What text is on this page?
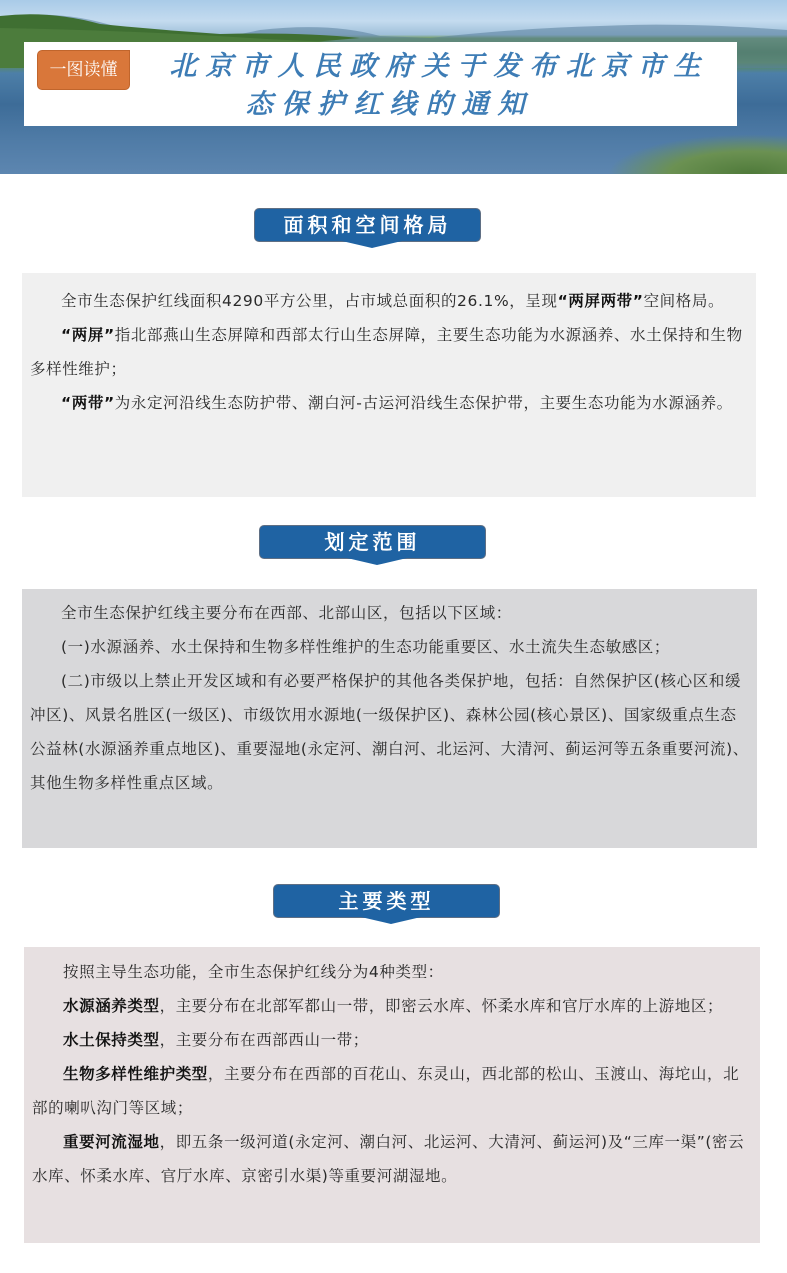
一图读懂	北京市人民政府关于发布北京市生
态保护红线的通知
面积和空间格局

全市生态保护红线面积4290平方公里，占市域总面积的26.1%，呈现“两屏两带”空间格局。

“两屏”指北部燕山生态屏障和西部太行山生态屏障，主要生态功能为水源涵养、水土保持和生物多样性维护；

“两带”为永定河沿线生态防护带、潮白河-古运河沿线生态保护带，主要生态功能为水源涵养。

划定范围

全市生态保护红线主要分布在西部、北部山区，包括以下区域：

(一)水源涵养、水土保持和生物多样性维护的生态功能重要区、水土流失生态敏感区；

(二)市级以上禁止开发区域和有必要严格保护的其他各类保护地，包括：自然保护区(核心区和缓冲区)、风景名胜区(一级区)、市级饮用水源地(一级保护区)、森林公园(核心景区)、国家级重点生态公益林(水源涵养重点地区)、重要湿地(永定河、潮白河、北运河、大清河、蓟运河等五条重要河流)、其他生物多样性重点区域。

主要类型

按照主导生态功能，全市生态保护红线分为4种类型：

水源涵养类型，主要分布在北部军都山一带，即密云水库、怀柔水库和官厅水库的上游地区；

水土保持类型，主要分布在西部西山一带；

生物多样性维护类型，主要分布在西部的百花山、东灵山，西北部的松山、玉渡山、海坨山，北部的喇叭沟门等区域；

重要河流湿地，即五条一级河道(永定河、潮白河、北运河、大清河、蓟运河)及“三库一渠”(密云水库、怀柔水库、官厅水库、京密引水渠)等重要河湖湿地。
